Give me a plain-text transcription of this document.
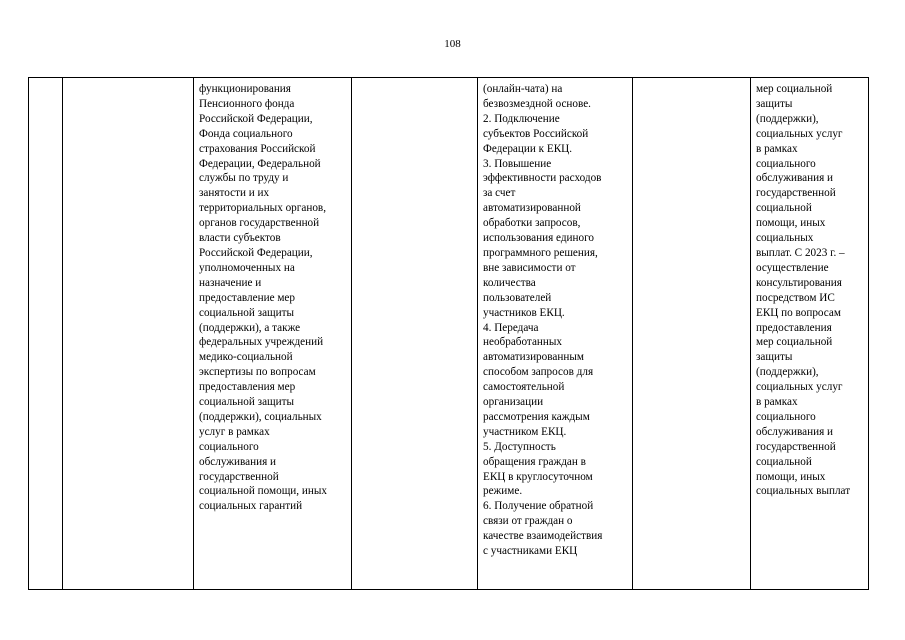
108
функционирования
Пенсионного фонда
Российской Федерации,
Фонда социального
страхования Российской
Федерации, Федеральной
службы по труду и
занятости и их
территориальных органов,
органов государственной
власти субъектов
Российской Федерации,
уполномоченных на
назначение и
предоставление мер
социальной защиты
(поддержки), а также
федеральных учреждений
медико-социальной
экспертизы по вопросам
предоставления мер
социальной защиты
(поддержки), социальных
услуг в рамках
социального
обслуживания и
государственной
социальной помощи, иных
социальных гарантий
(онлайн-чата) на
безвозмездной основе.
2. Подключение
субъектов Российской
Федерации к ЕКЦ.
3. Повышение
эффективности расходов
за счет
автоматизированной
обработки запросов,
использования единого
программного решения,
вне зависимости от
количества
пользователей
участников ЕКЦ.
4. Передача
необработанных
автоматизированным
способом запросов для
самостоятельной
организации
рассмотрения каждым
участником ЕКЦ.
5. Доступность
обращения граждан в
ЕКЦ в круглосуточном
режиме.
6. Получение обратной
связи от граждан о
качестве взаимодействия
с участниками ЕКЦ
мер социальной
защиты
(поддержки),
социальных услуг
в рамках
социального
обслуживания и
государственной
социальной
помощи, иных
социальных
выплат. С 2023 г. –
осуществление
консультирования
посредством ИС
ЕКЦ по вопросам
предоставления
мер социальной
защиты
(поддержки),
социальных услуг
в рамках
социального
обслуживания и
государственной
социальной
помощи, иных
социальных выплат
